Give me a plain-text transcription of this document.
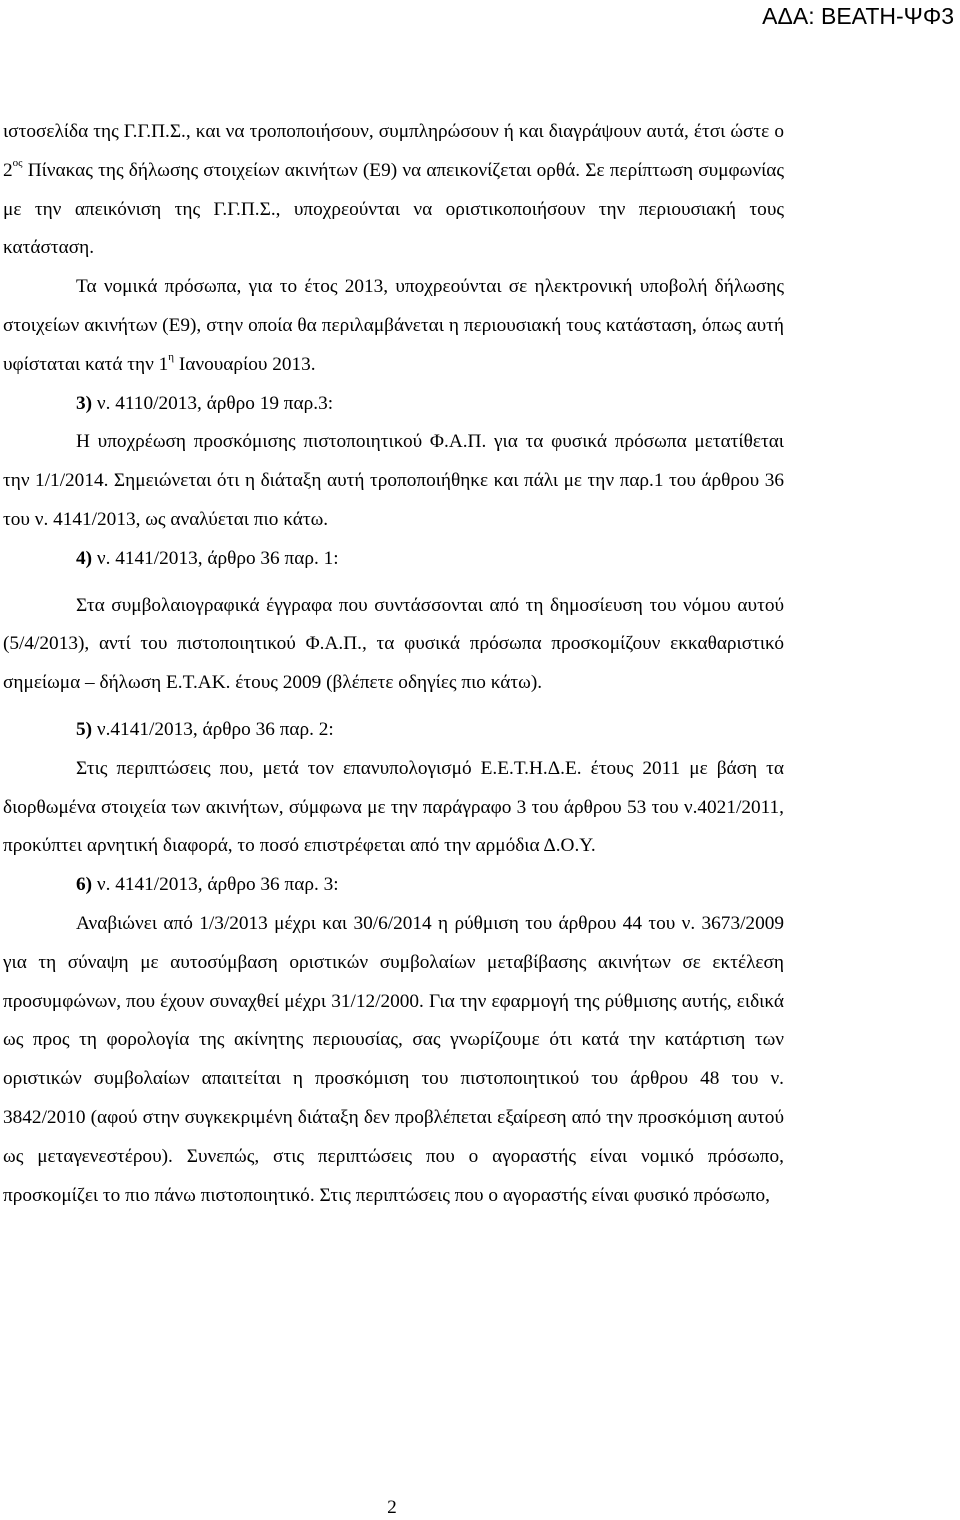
ΑΔΑ: ΒΕΑΤΗ-ΨΦ3

ιστοσελίδα της Γ.Γ.Π.Σ., και να τροποποιήσουν, συμπληρώσουν ή και διαγράψουν αυτά, έτσι ώστε ο $2^{o\varsigma}$ Πίνακας της δήλωσης στοιχείων ακινήτων (Ε9) να απεικονίζεται ορθά. Σε περίπτωση συμφωνίας με την απεικόνιση της Γ.Γ.Π.Σ., υποχρεούνται να οριστικοποιήσουν την περιουσιακή τους κατάσταση.

Τα νομικά πρόσωπα, για το έτος 2013, υποχρεούνται σε ηλεκτρονική υποβολή δήλωσης στοιχείων ακινήτων (Ε9), στην οποία θα περιλαμβάνεται η περιουσιακή τους κατάσταση, όπως αυτή υφίσταται κατά την $1^\eta$ Ιανουαρίου 2013.

3) ν. 4110/2013, άρθρο 19 παρ.3:

Η υποχρέωση προσκόμισης πιστοποιητικού Φ.Α.Π. για τα φυσικά πρόσωπα μετατίθεται την 1/1/2014. Σημειώνεται ότι η διάταξη αυτή τροποποιήθηκε και πάλι με την παρ.1 του άρθρου 36 του ν. 4141/2013, ως αναλύεται πιο κάτω.

4) ν. 4141/2013, άρθρο 36 παρ. 1:

Στα συμβολαιογραφικά έγγραφα που συντάσσονται από τη δημοσίευση του νόμου αυτού (5/4/2013), αντί του πιστοποιητικού Φ.Α.Π., τα φυσικά πρόσωπα προσκομίζουν εκκαθαριστικό σημείωμα – δήλωση Ε.Τ.ΑΚ. έτους 2009 (βλέπετε οδηγίες πιο κάτω).

5) ν.4141/2013, άρθρο 36 παρ. 2:

Στις περιπτώσεις που, μετά τον επανυπολογισμό Ε.Ε.Τ.Η.Δ.Ε. έτους 2011 με βάση τα διορθωμένα στοιχεία των ακινήτων, σύμφωνα με την παράγραφο 3 του άρθρου 53 του ν.4021/2011, προκύπτει αρνητική διαφορά, το ποσό επιστρέφεται από την αρμόδια Δ.Ο.Υ.

6) ν. 4141/2013, άρθρο 36 παρ. 3:

Αναβιώνει από 1/3/2013 μέχρι και 30/6/2014 η ρύθμιση του άρθρου 44 του ν. 3673/2009 για τη σύναψη με αυτοσύμβαση οριστικών συμβολαίων μεταβίβασης ακινήτων σε εκτέλεση προσυμφώνων, που έχουν συναχθεί μέχρι 31/12/2000. Για την εφαρμογή της ρύθμισης αυτής, ειδικά ως προς τη φορολογία της ακίνητης περιουσίας, σας γνωρίζουμε ότι κατά την κατάρτιση των οριστικών συμβολαίων απαιτείται η προσκόμιση του πιστοποιητικού του άρθρου 48 του ν. 3842/2010 (αφού στην συγκεκριμένη διάταξη δεν προβλέπεται εξαίρεση από την προσκόμιση αυτού ως μεταγενεστέρου). Συνεπώς, στις περιπτώσεις που ο αγοραστής είναι νομικό πρόσωπο, προσκομίζει το πιο πάνω πιστοποιητικό. Στις περιπτώσεις που ο αγοραστής είναι φυσικό πρόσωπο,

2
